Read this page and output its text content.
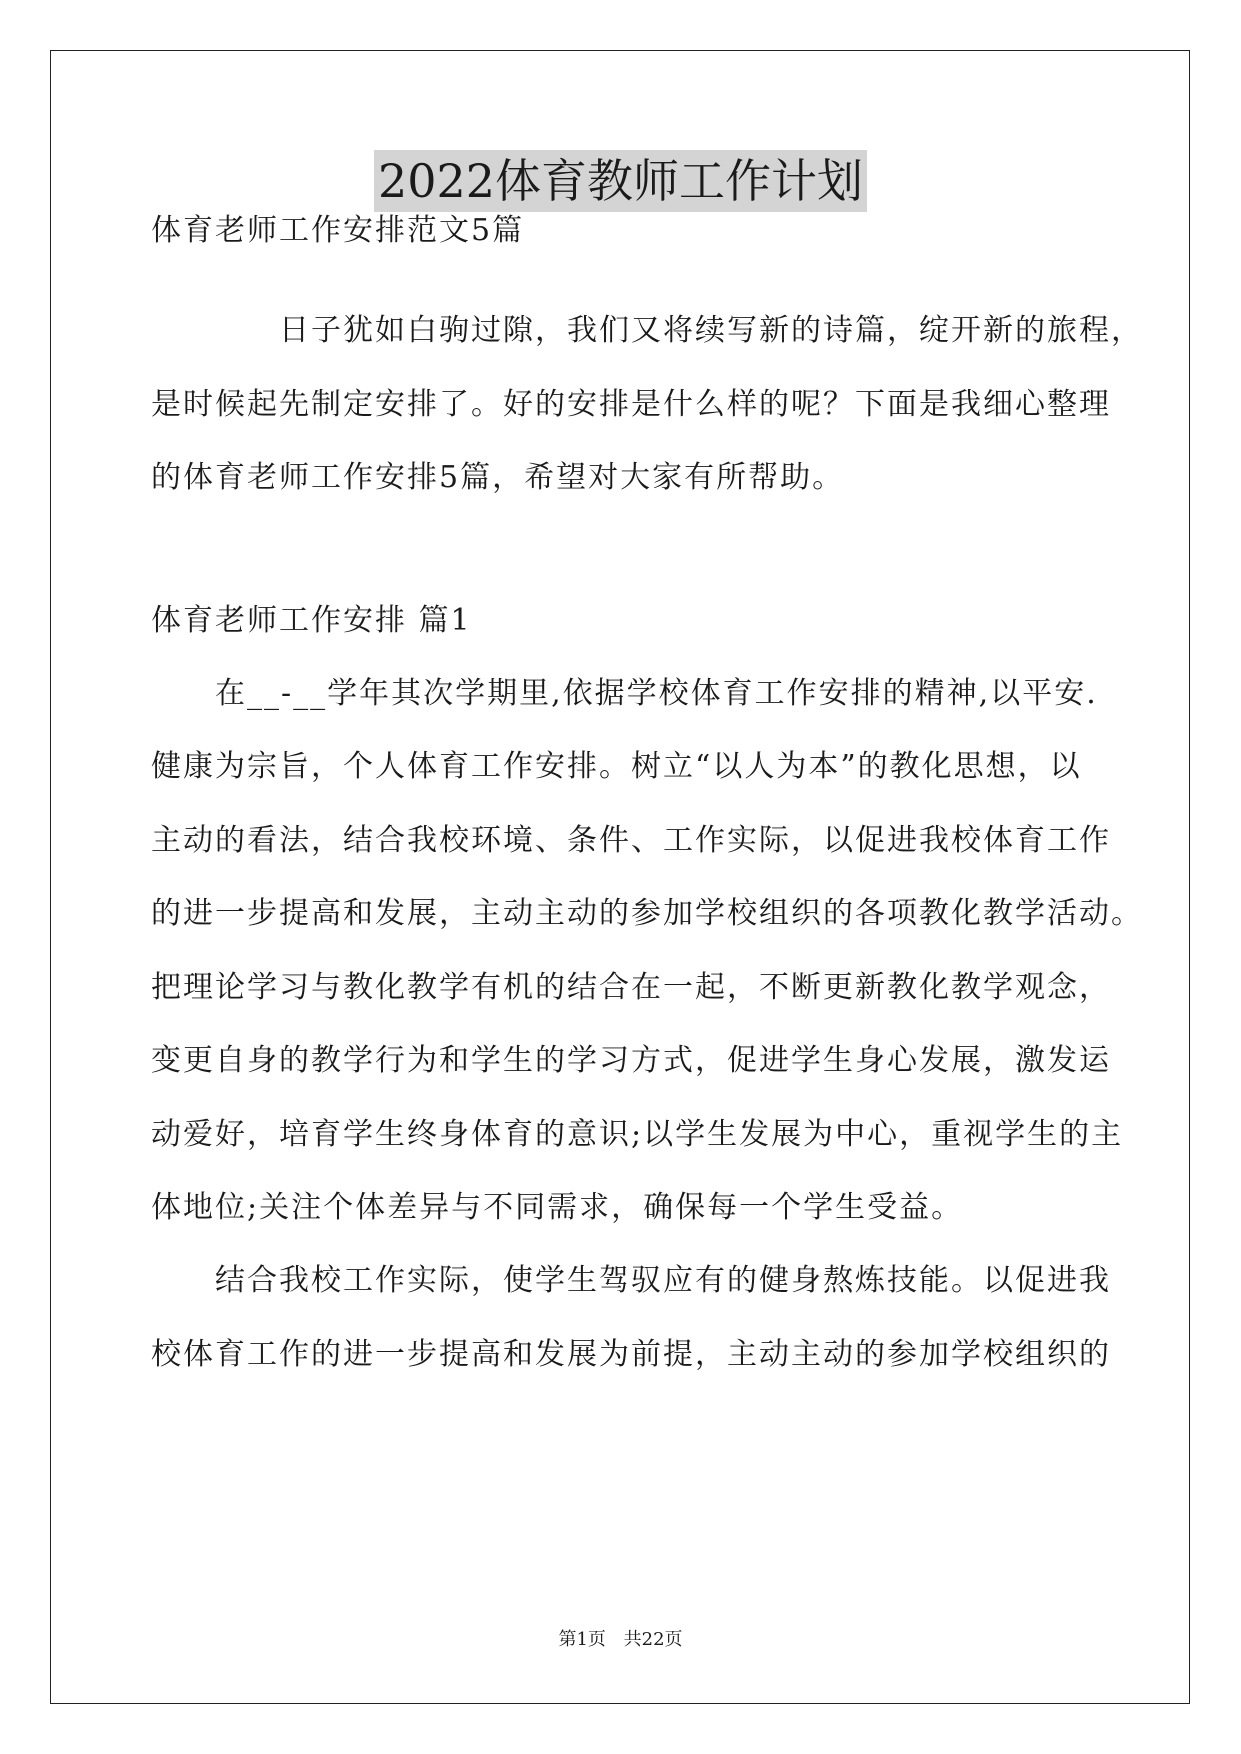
2022体育教师工作计划
体育老师工作安排范文5篇
　　　　日子犹如白驹过隙，我们又将续写新的诗篇，绽开新的旅程，
是时候起先制定安排了。好的安排是什么样的呢？下面是我细心整理
的体育老师工作安排5篇，希望对大家有所帮助。
体育老师工作安排 篇1
　　在__-__学年其次学期里,依据学校体育工作安排的精神,以平安.
健康为宗旨，个人体育工作安排。树立“以人为本”的教化思想，以
主动的看法，结合我校环境、条件、工作实际，以促进我校体育工作
的进一步提高和发展，主动主动的参加学校组织的各项教化教学活动。
把理论学习与教化教学有机的结合在一起，不断更新教化教学观念，
变更自身的教学行为和学生的学习方式，促进学生身心发展，激发运
动爱好，培育学生终身体育的意识;以学生发展为中心，重视学生的主
体地位;关注个体差异与不同需求，确保每一个学生受益。
　　结合我校工作实际，使学生驾驭应有的健身熬炼技能。以促进我
校体育工作的进一步提高和发展为前提，主动主动的参加学校组织的
第1页 共22页
